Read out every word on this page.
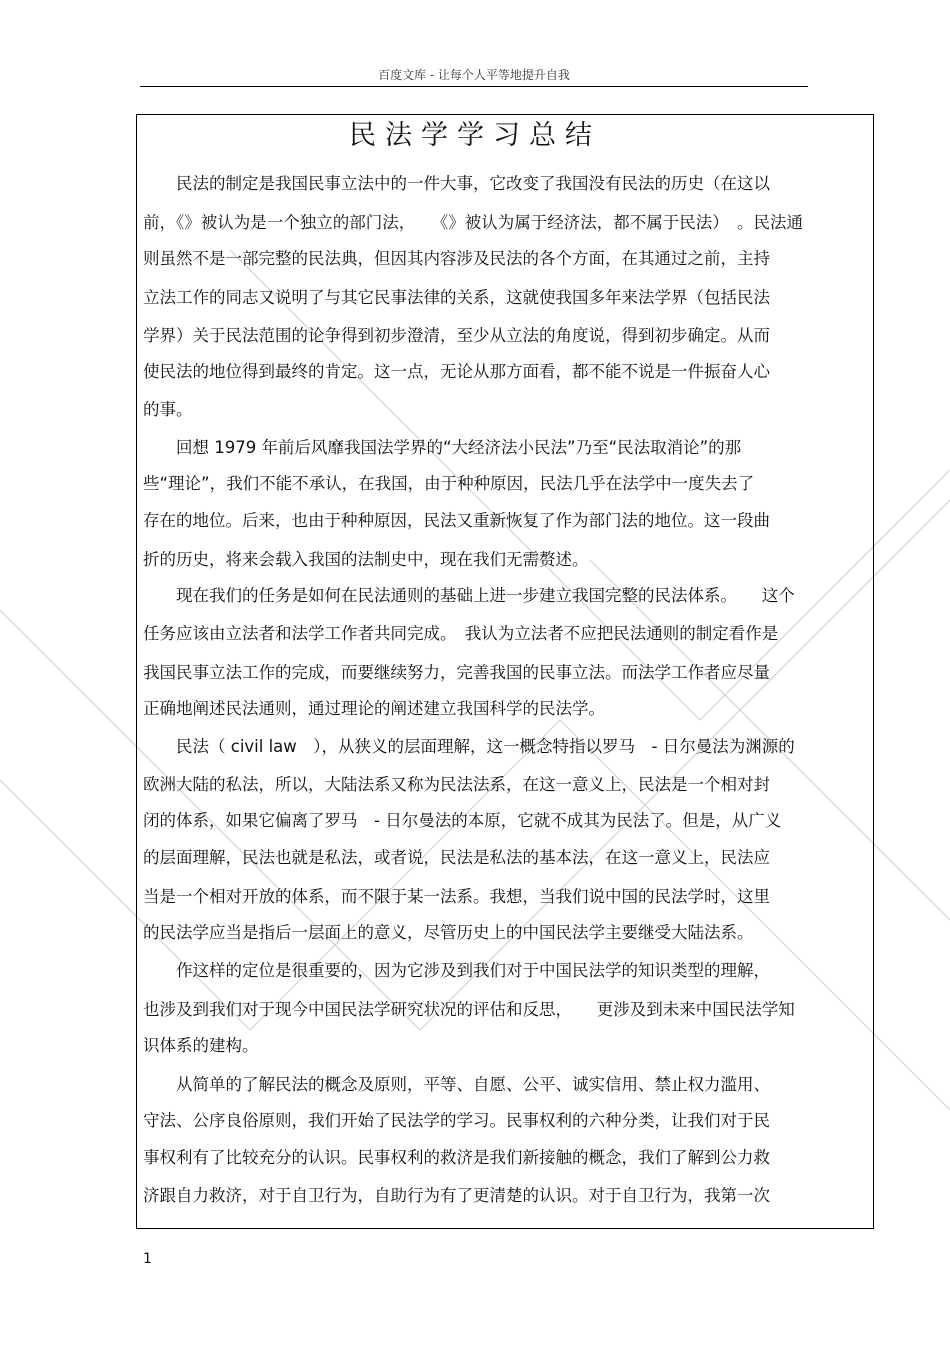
百度文库 - 让每个人平等地提升自我
民法学学习总结
　　民法的制定是我国民事立法中的一件大事，它改变了我国没有民法的历史（在这以
前，《》被认为是一个独立的部门法，　　《》被认为属于经济法，都不属于民法）　。民法通
则虽然不是一部完整的民法典，但因其内容涉及民法的各个方面，在其通过之前，主持
立法工作的同志又说明了与其它民事法律的关系，这就使我国多年来法学界（包括民法
学界）关于民法范围的论争得到初步澄清，至少从立法的角度说，得到初步确定。从而
使民法的地位得到最终的肯定。这一点，无论从那方面看，都不能不说是一件振奋人心
的事。
　　回想 1979 年前后风靡我国法学界的“大经济法小民法”乃至“民法取消论”的那
些“理论”，我们不能不承认，在我国，由于种种原因，民法几乎在法学中一度失去了
存在的地位。后来，也由于种种原因，民法又重新恢复了作为部门法的地位。这一段曲
折的历史，将来会载入我国的法制史中，现在我们无需赘述。
　　现在我们的任务是如何在民法通则的基础上进一步建立我国完整的民法体系。　　这个
任务应该由立法者和法学工作者共同完成。　我认为立法者不应把民法通则的制定看作是
我国民事立法工作的完成，而要继续努力，完善我国的民事立法。而法学工作者应尽量
正确地阐述民法通则，通过理论的阐述建立我国科学的民法学。
　　民法（ civil law　），从狭义的层面理解，这一概念特指以罗马　- 日尔曼法为渊源的
欧洲大陆的私法，所以，大陆法系又称为民法法系，在这一意义上，民法是一个相对封
闭的体系，如果它偏离了罗马　- 日尔曼法的本原，它就不成其为民法了。但是，从广义
的层面理解，民法也就是私法，或者说，民法是私法的基本法，在这一意义上，民法应
当是一个相对开放的体系，而不限于某一法系。我想，当我们说中国的民法学时，这里
的民法学应当是指后一层面上的意义，尽管历史上的中国民法学主要继受大陆法系。
　　作这样的定位是很重要的，因为它涉及到我们对于中国民法学的知识类型的理解，
也涉及到我们对于现今中国民法学研究状况的评估和反思，　　更涉及到未来中国民法学知
识体系的建构。
　　从简单的了解民法的概念及原则，平等、自愿、公平、诚实信用、禁止权力滥用、
守法、公序良俗原则，我们开始了民法学的学习。民事权利的六种分类，让我们对于民
事权利有了比较充分的认识。民事权利的救济是我们新接触的概念，我们了解到公力救
济跟自力救济，对于自卫行为，自助行为有了更清楚的认识。对于自卫行为，我第一次
1
